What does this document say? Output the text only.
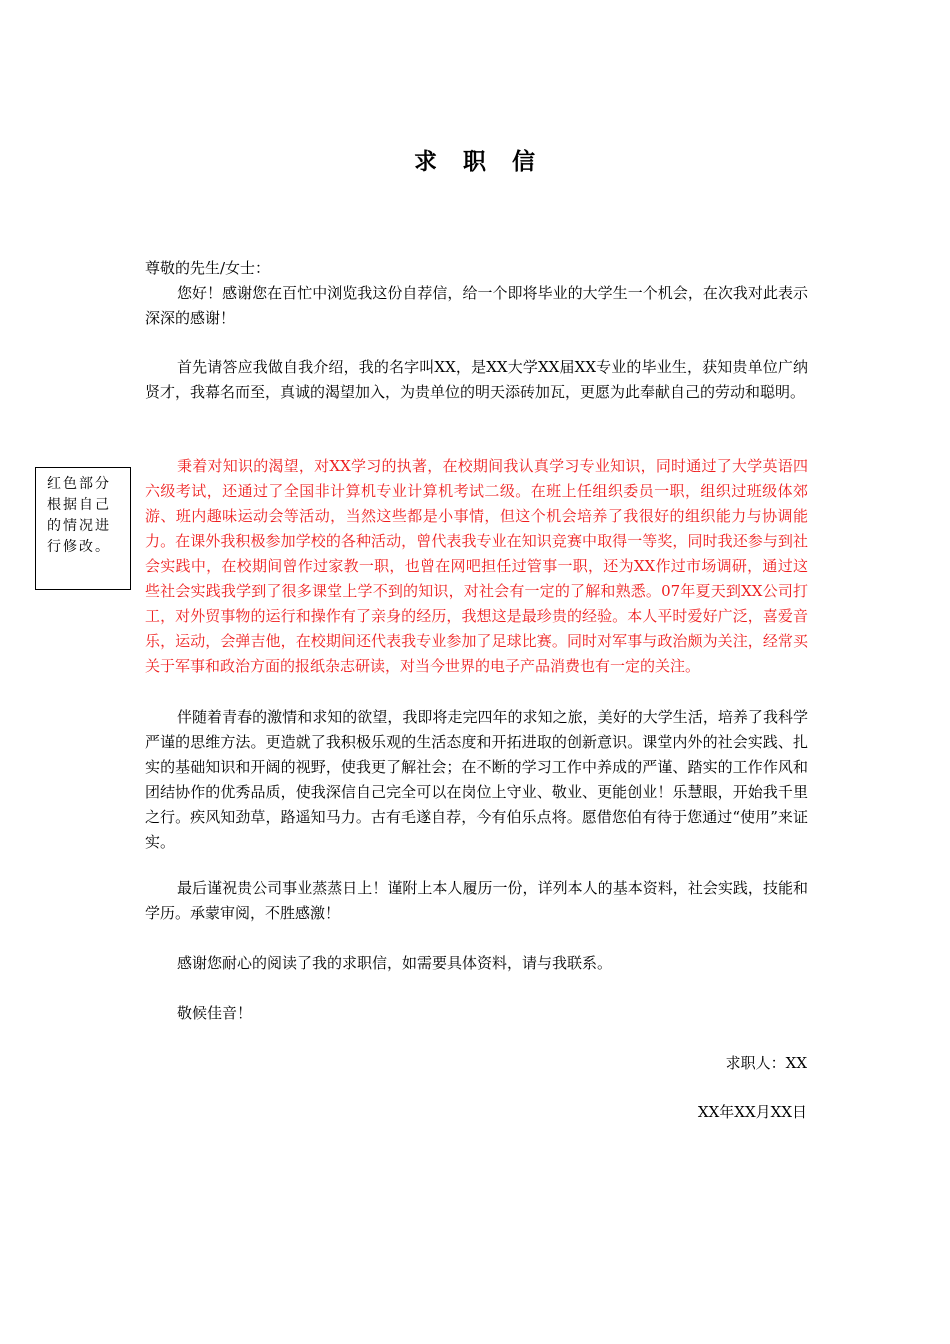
求 职 信

尊敬的先生/女士：

您好！感谢您在百忙中浏览我这份自荐信，给一个即将毕业的大学生一个机会，在次我对此表示深深的感谢！

首先请答应我做自我介绍，我的名字叫XX，是XX大学XX届XX专业的毕业生，获知贵单位广纳贤才，我幕名而至，真诚的渴望加入，为贵单位的明天添砖加瓦，更愿为此奉献自己的劳动和聪明。

红色部分根据自己的情况进行修改。

秉着对知识的渴望，对XX学习的执著，在校期间我认真学习专业知识，同时通过了大学英语四六级考试，还通过了全国非计算机专业计算机考试二级。在班上任组织委员一职，组织过班级体郊游、班内趣味运动会等活动，当然这些都是小事情，但这个机会培养了我很好的组织能力与协调能力。在课外我积极参加学校的各种活动，曾代表我专业在知识竞赛中取得一等奖，同时我还参与到社会实践中，在校期间曾作过家教一职，也曾在网吧担任过管事一职，还为XX作过市场调研，通过这些社会实践我学到了很多课堂上学不到的知识，对社会有一定的了解和熟悉。07年夏天到XX公司打工，对外贸事物的运行和操作有了亲身的经历，我想这是最珍贵的经验。本人平时爱好广泛，喜爱音乐，运动，会弹吉他，在校期间还代表我专业参加了足球比赛。同时对军事与政治颇为关注，经常买关于军事和政治方面的报纸杂志研读，对当今世界的电子产品消费也有一定的关注。

伴随着青春的激情和求知的欲望，我即将走完四年的求知之旅，美好的大学生活，培养了我科学严谨的思维方法。更造就了我积极乐观的生活态度和开拓进取的创新意识。课堂内外的社会实践、扎实的基础知识和开阔的视野，使我更了解社会；在不断的学习工作中养成的严谨、踏实的工作作风和团结协作的优秀品质，使我深信自己完全可以在岗位上守业、敬业、更能创业！乐慧眼，开始我千里之行。疾风知劲草，路遥知马力。古有毛遂自荐，今有伯乐点将。愿借您伯有待于您通过“使用”来证实。

最后谨祝贵公司事业蒸蒸日上！谨附上本人履历一份，详列本人的基本资料，社会实践，技能和学历。承蒙审阅，不胜感激！

感谢您耐心的阅读了我的求职信，如需要具体资料，请与我联系。

敬候佳音！

求职人：XX
XX年XX月XX日
